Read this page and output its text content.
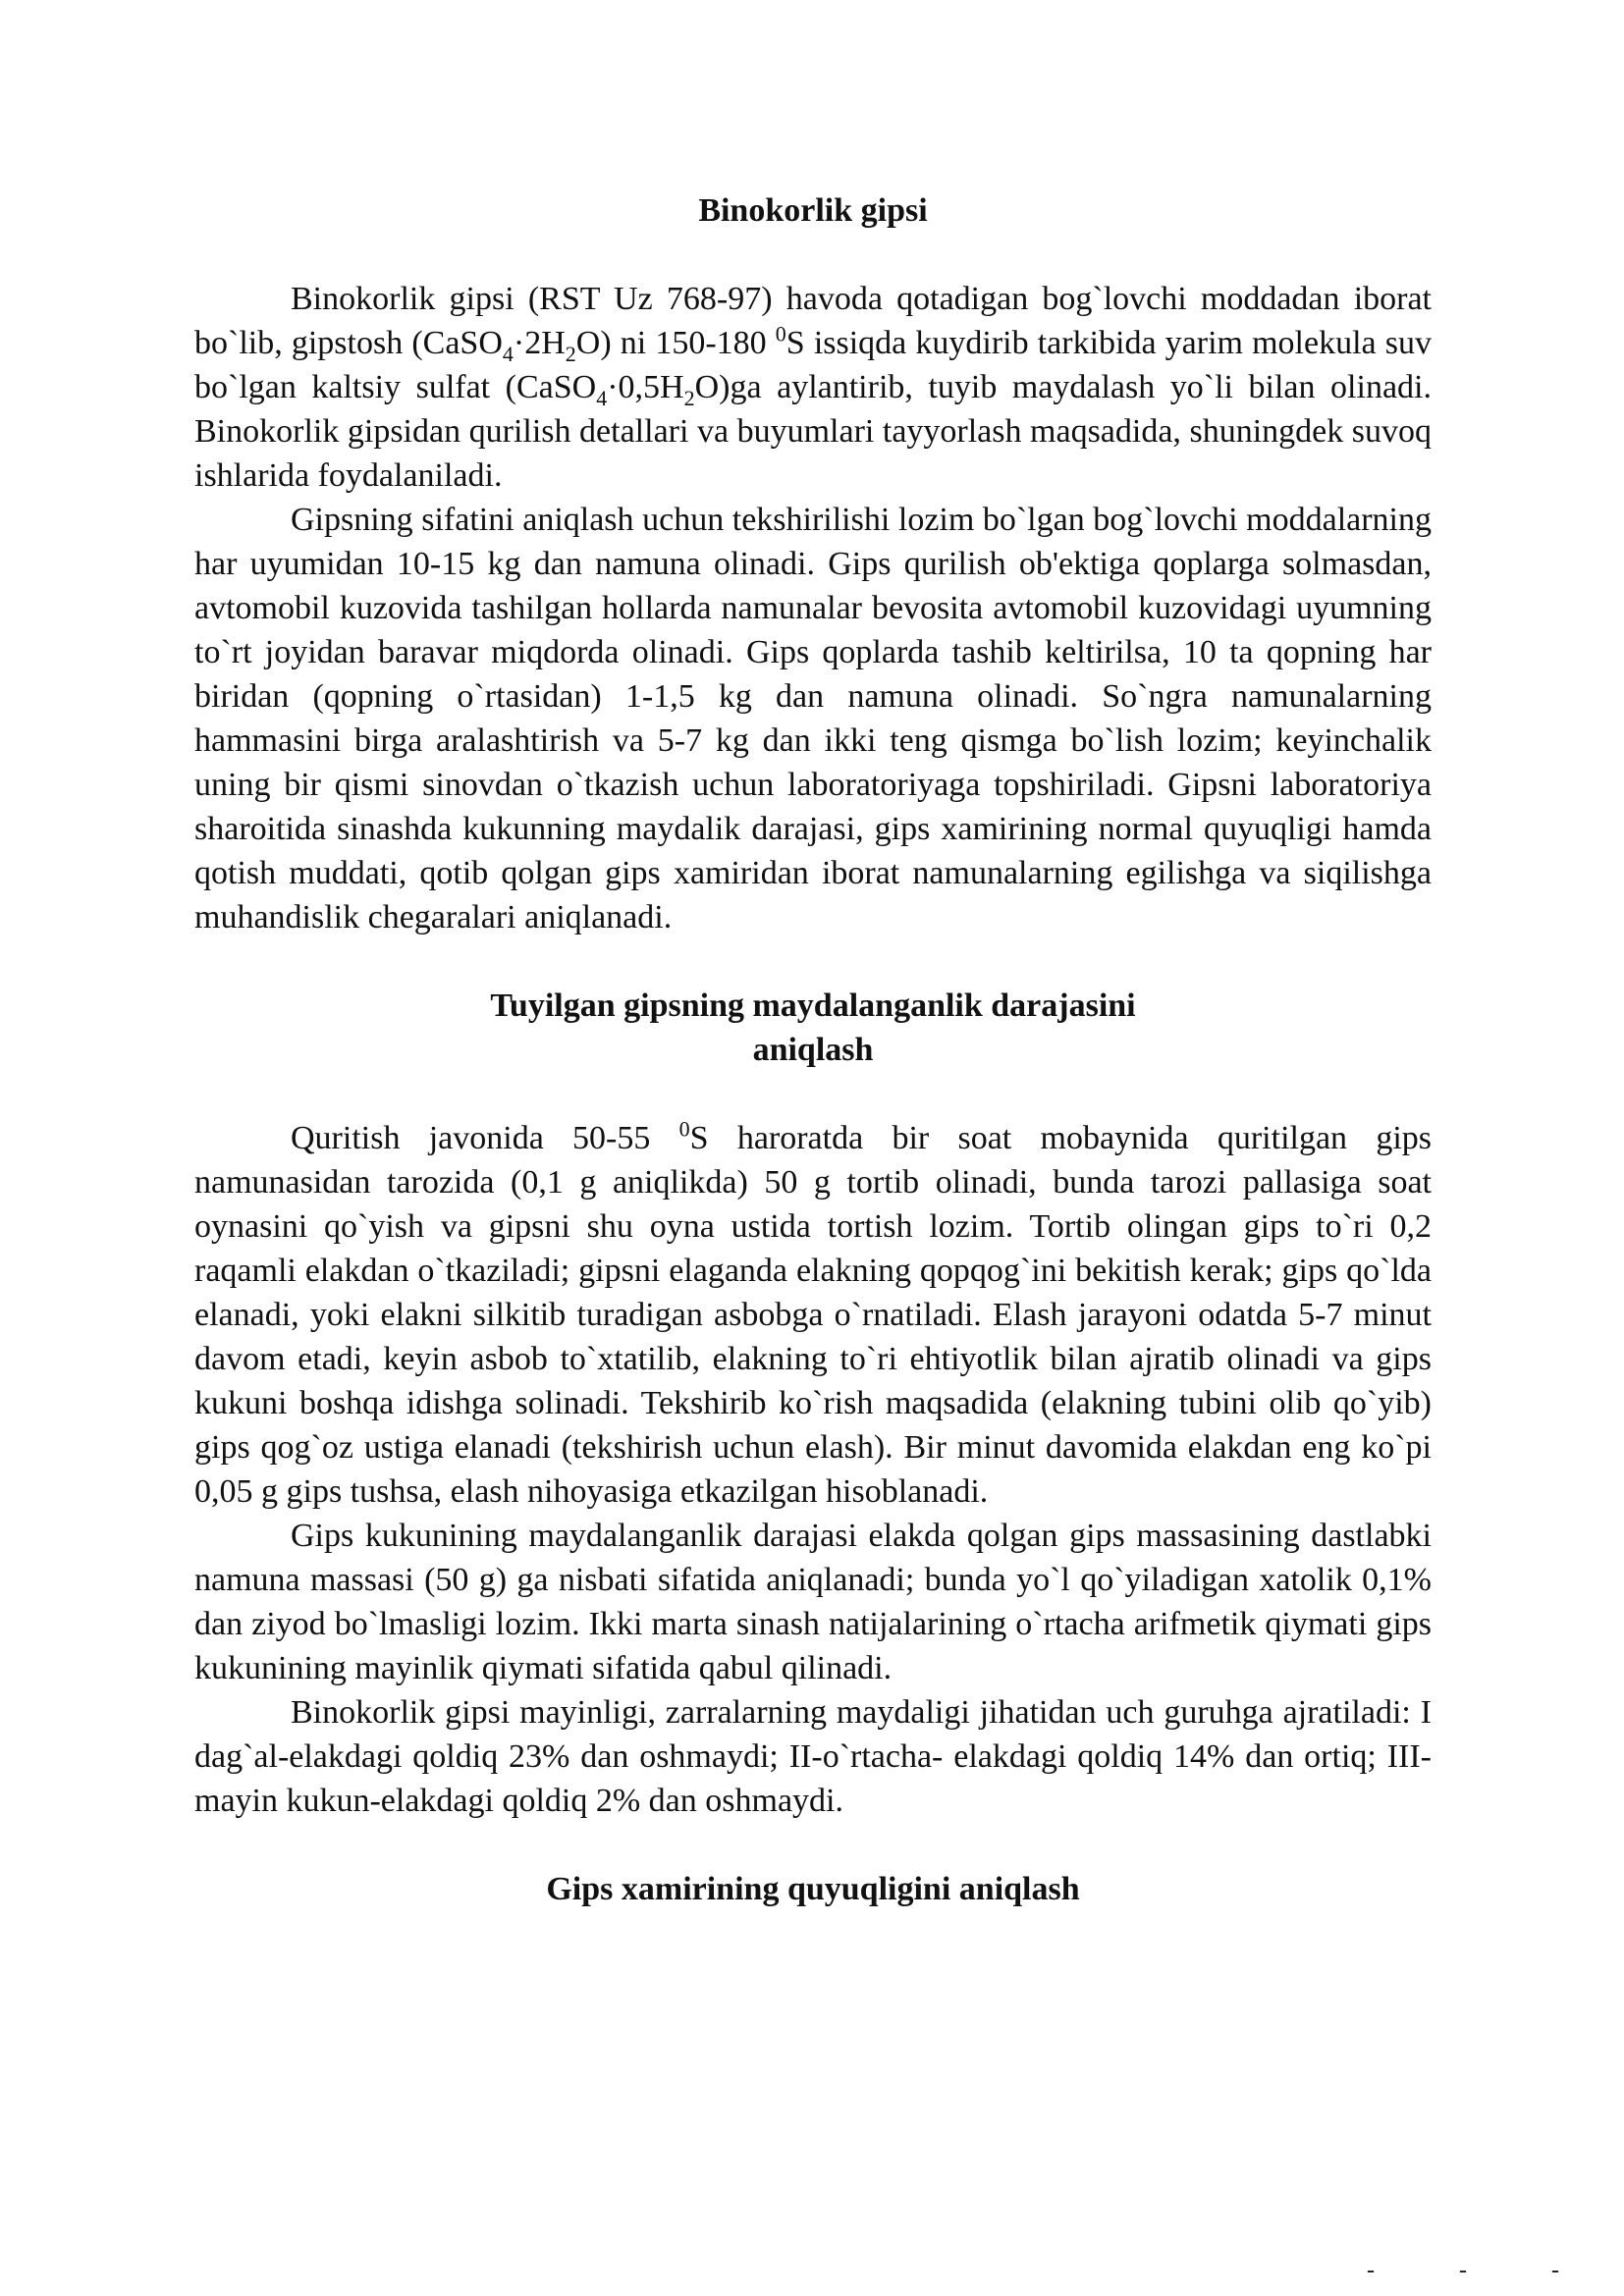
Binokorlik gipsi

Binokorlik gipsi (RST Uz 768-97) havoda qotadigan bog`lovchi moddadan iborat bo`lib, gipstosh $(CaSO_4\cdot 2H_2O)$ ni 150-180 $^0$S issiqda kuydirib tarkibida yarim molekula suv bo`lgan kaltsiy sulfat $(CaSO_4\cdot 0,5H_2O)ga$ aylantirib, tuyib maydalash yo`li bilan olinadi. Binokorlik gipsidan qurilish detallari va buyumlari tayyorlash maqsadida, shuningdek suvoq ishlarida foydalaniladi.

Gipsning sifatini aniqlash uchun tekshirilishi lozim bo`lgan bog`lovchi moddalarning har uyumidan 10-15 kg dan namuna olinadi. Gips qurilish ob'ektiga qoplarga solmasdan, avtomobil kuzovida tashilgan hollarda namunalar bevosita avtomobil kuzovidagi uyumning to`rt joyidan baravar miqdorda olinadi. Gips qoplarda tashib keltirilsa, 10 ta qopning har biridan (qopning o`rtasidan) 1-1,5 kg dan namuna olinadi. So`ngra namunalarning hammasini birga aralashtirish va 5-7 kg dan ikki teng qismga bo`lish lozim; keyinchalik uning bir qismi sinovdan o`tkazish uchun laboratoriyaga topshiriladi. Gipsni laboratoriya sharoitida sinashda kukunning maydalik darajasi, gips xamirining normal quyuqligi hamda qotish muddati, qotib qolgan gips xamiridan iborat namunalarning egilishga va siqilishga muhandislik chegaralari aniqlanadi.

Tuyilgan gipsning maydalanganlik darajasini
aniqlash

Quritish javonida 50-55 $^0$S haroratda bir soat mobaynida quritilgan gips namunasidan tarozida (0,1 g aniqlikda) 50 g tortib olinadi, bunda tarozi pallasiga soat oynasini qo`yish va gipsni shu oyna ustida tortish lozim. Tortib olingan gips to`ri 0,2 raqamli elakdan o`tkaziladi; gipsni elaganda elakning qopqog`ini bekitish kerak; gips qo`lda elanadi, yoki elakni silkitib turadigan asbobga o`rnatiladi. Elash jarayoni odatda 5-7 minut davom etadi, keyin asbob to`xtatilib, elakning to`ri ehtiyotlik bilan ajratib olinadi va gips kukuni boshqa idishga solinadi. Tekshirib ko`rish maqsadida (elakning tubini olib qo`yib) gips qog`oz ustiga elanadi (tekshirish uchun elash). Bir minut davomida elakdan eng ko`pi 0,05 g gips tushsa, elash nihoyasiga etkazilgan hisoblanadi.

Gips kukunining maydalanganlik darajasi elakda qolgan gips massasining dastlabki namuna massasi (50 g) ga nisbati sifatida aniqlanadi; bunda yo`l qo`yiladigan xatolik 0,1% dan ziyod bo`lmasligi lozim. Ikki marta sinash natijalarining o`rtacha arifmetik qiymati gips kukunining mayinlik qiymati sifatida qabul qilinadi.

Binokorlik gipsi mayinligi, zarralarning maydaligi jihatidan uch guruhga ajratiladi: I dag`al-elakdagi qoldiq 23% dan oshmaydi; II-o`rtacha- elakdagi qoldiq 14% dan ortiq; III-mayin kukun-elakdagi qoldiq 2% dan oshmaydi.

Gips xamirining quyuqligini aniqlash
- - -
